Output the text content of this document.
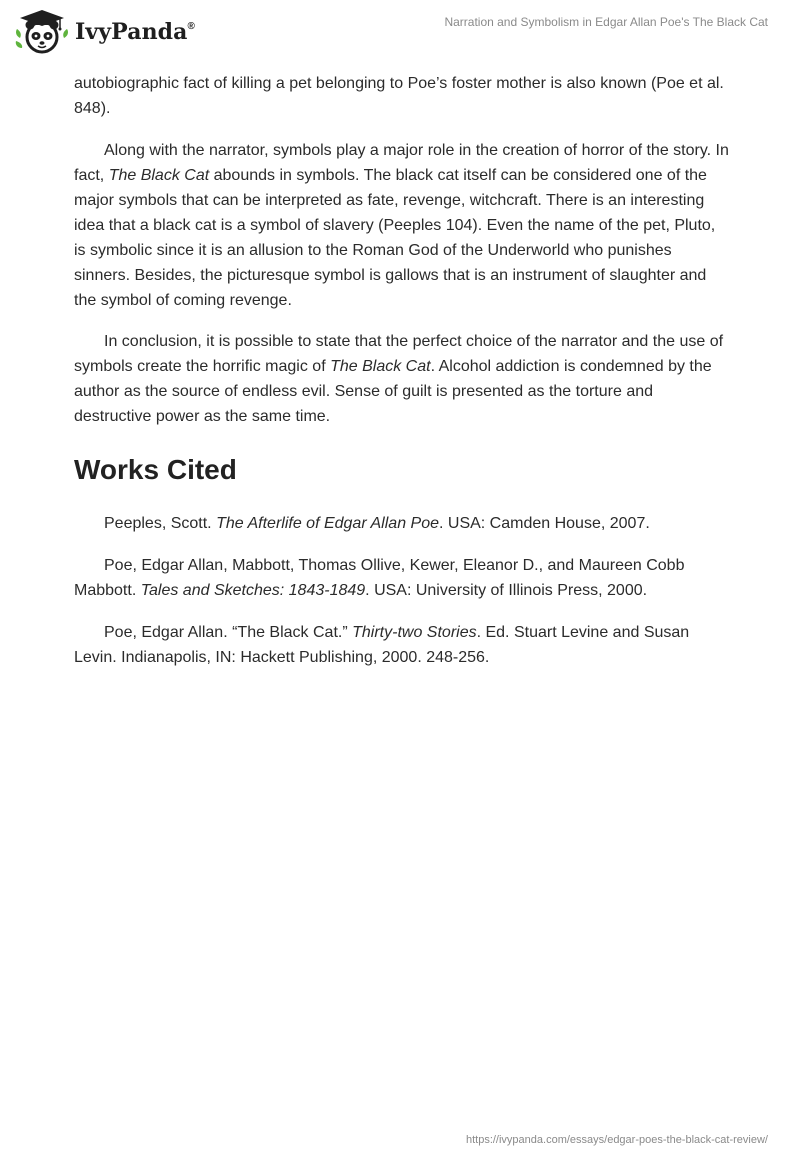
IvyPanda®	Narration and Symbolism in Edgar Allan Poe's The Black Cat

autobiographic fact of killing a pet belonging to Poe’s foster mother is also known (Poe et al. 848).

Along with the narrator, symbols play a major role in the creation of horror of the story. In fact, The Black Cat abounds in symbols. The black cat itself can be considered one of the major symbols that can be interpreted as fate, revenge, witchcraft. There is an interesting idea that a black cat is a symbol of slavery (Peeples 104). Even the name of the pet, Pluto, is symbolic since it is an allusion to the Roman God of the Underworld who punishes sinners. Besides, the picturesque symbol is gallows that is an instrument of slaughter and the symbol of coming revenge.

In conclusion, it is possible to state that the perfect choice of the narrator and the use of symbols create the horrific magic of The Black Cat. Alcohol addiction is condemned by the author as the source of endless evil. Sense of guilt is presented as the torture and destructive power as the same time.

Works Cited

Peeples, Scott. The Afterlife of Edgar Allan Poe. USA: Camden House, 2007.

Poe, Edgar Allan, Mabbott, Thomas Ollive, Kewer, Eleanor D., and Maureen Cobb Mabbott. Tales and Sketches: 1843-1849. USA: University of Illinois Press, 2000.

Poe, Edgar Allan. “The Black Cat.” Thirty-two Stories. Ed. Stuart Levine and Susan Levin. Indianapolis, IN: Hackett Publishing, 2000. 248-256.

https://ivypanda.com/essays/edgar-poes-the-black-cat-review/
